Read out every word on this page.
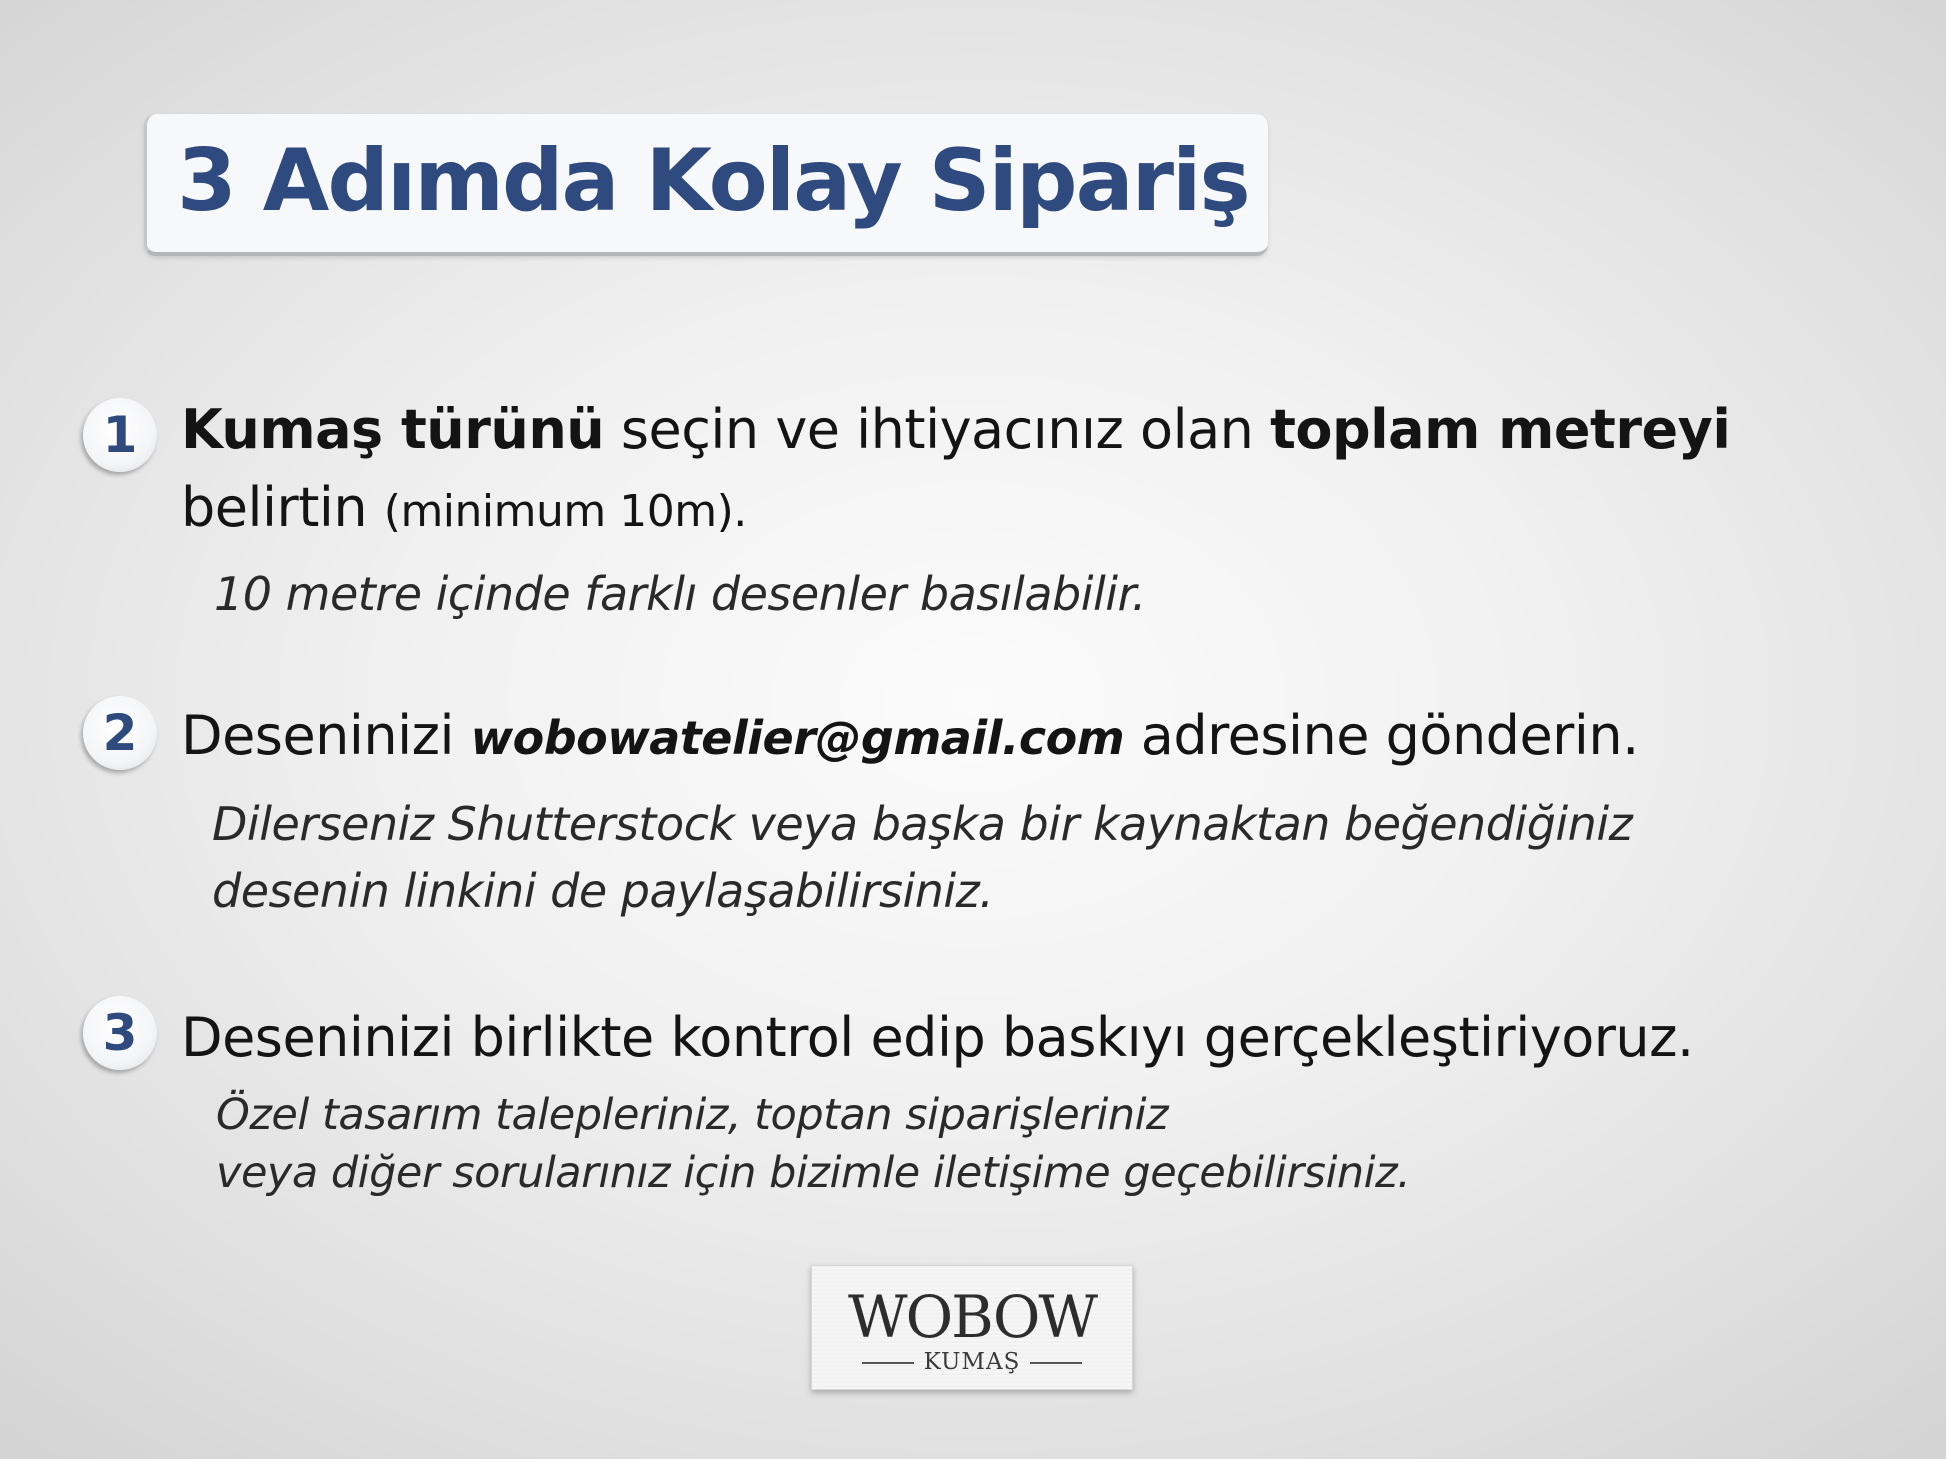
3 Adımda Kolay Sipariş
1 Kumaş türünü seçin ve ihtiyacınız olan toplam metreyi

belirtin (minimum 10m).

10 metre içinde farklı desenler basılabilir.

2 Deseninizi wobowatelier@gmail.com adresine gönderin.

Dilerseniz Shutterstock veya başka bir kaynaktan beğendiğiniz

desenin linkini de paylaşabilirsiniz.

3 Deseninizi birlikte kontrol edip baskıyı gerçekleştiriyoruz.

Özel tasarım talepleriniz, toptan siparişleriniz

veya diğer sorularınız için bizimle iletişime geçebilirsiniz.

WOBOW
KUMAŞ
